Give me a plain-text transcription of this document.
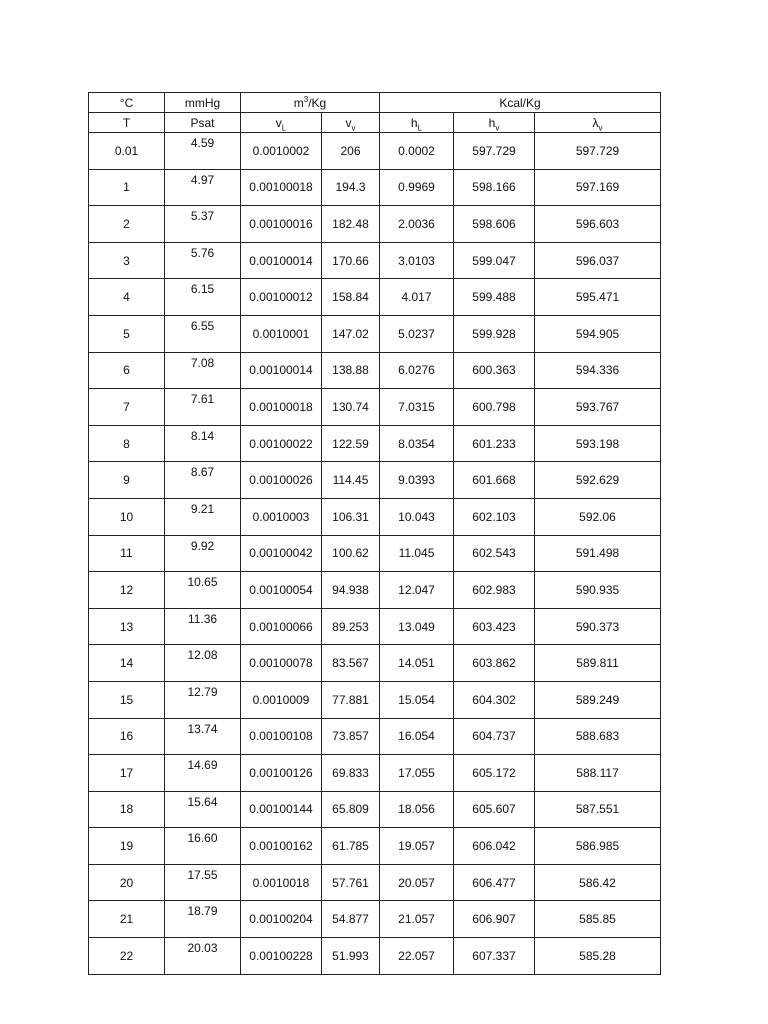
°C	mmHg	$m^3/Kg$		Kcal/Kg		
T	Psat	$v_L$	$v_v$	$h_L$	$h_v$	$\lambda_v$
0.01	4.59	0.0010002	206	0.0002	597.729	597.729
1	4.97	0.00100018	194.3	0.9969	598.166	597.169
2	5.37	0.00100016	182.48	2.0036	598.606	596.603
3	5.76	0.00100014	170.66	3.0103	599.047	596.037
4	6.15	0.00100012	158.84	4.017	599.488	595.471
5	6.55	0.0010001	147.02	5.0237	599.928	594.905
6	7.08	0.00100014	138.88	6.0276	600.363	594.336
7	7.61	0.00100018	130.74	7.0315	600.798	593.767
8	8.14	0.00100022	122.59	8.0354	601.233	593.198
9	8.67	0.00100026	114.45	9.0393	601.668	592.629
10	9.21	0.0010003	106.31	10.043	602.103	592.06
11	9.92	0.00100042	100.62	11.045	602.543	591.498
12	10.65	0.00100054	94.938	12.047	602.983	590.935
13	11.36	0.00100066	89.253	13.049	603.423	590.373
14	12.08	0.00100078	83.567	14.051	603.862	589.811
15	12.79	0.0010009	77.881	15.054	604.302	589.249
16	13.74	0.00100108	73.857	16.054	604.737	588.683
17	14.69	0.00100126	69.833	17.055	605.172	588.117
18	15.64	0.00100144	65.809	18.056	605.607	587.551
19	16.60	0.00100162	61.785	19.057	606.042	586.985
20	17.55	0.0010018	57.761	20.057	606.477	586.42
21	18.79	0.00100204	54.877	21.057	606.907	585.85
22	20.03	0.00100228	51.993	22.057	607.337	585.28
